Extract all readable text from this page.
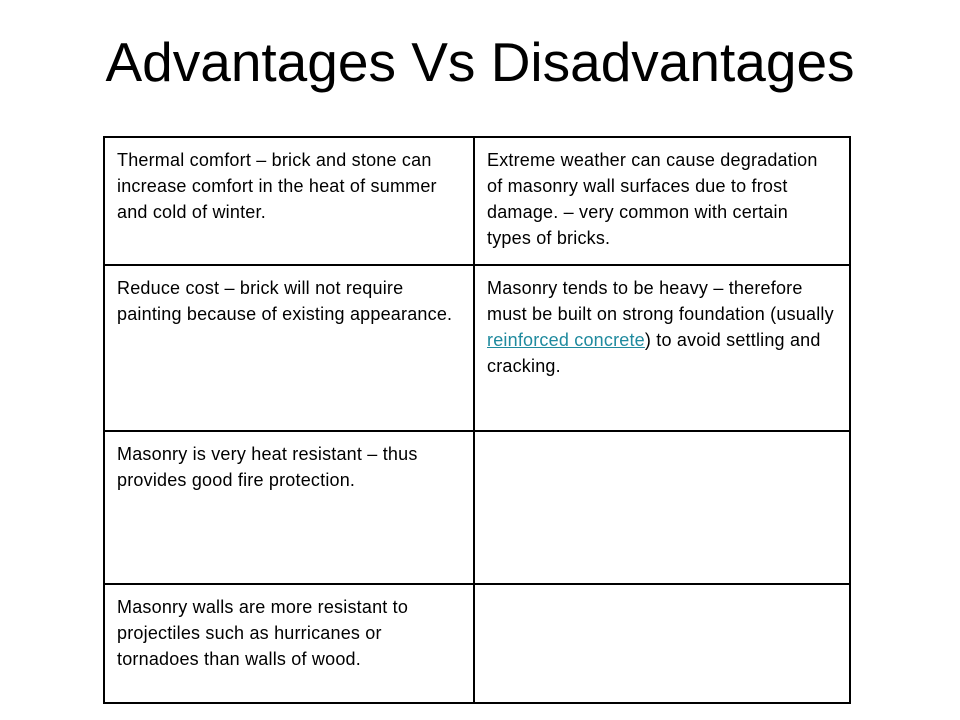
Advantages Vs Disadvantages
Thermal comfort – brick and stone can increase comfort in the heat of summer and cold of winter.	Extreme weather can cause degradation of masonry wall surfaces due to frost damage. – very common with certain types of bricks.
Reduce cost – brick will not require painting because of existing appearance.	Masonry tends to be heavy – therefore must be built on strong foundation (usually reinforced concrete) to avoid settling and cracking.
Masonry is very heat resistant – thus provides good fire protection.	
Masonry walls are more resistant to projectiles such as hurricanes or tornadoes than walls of wood.	
